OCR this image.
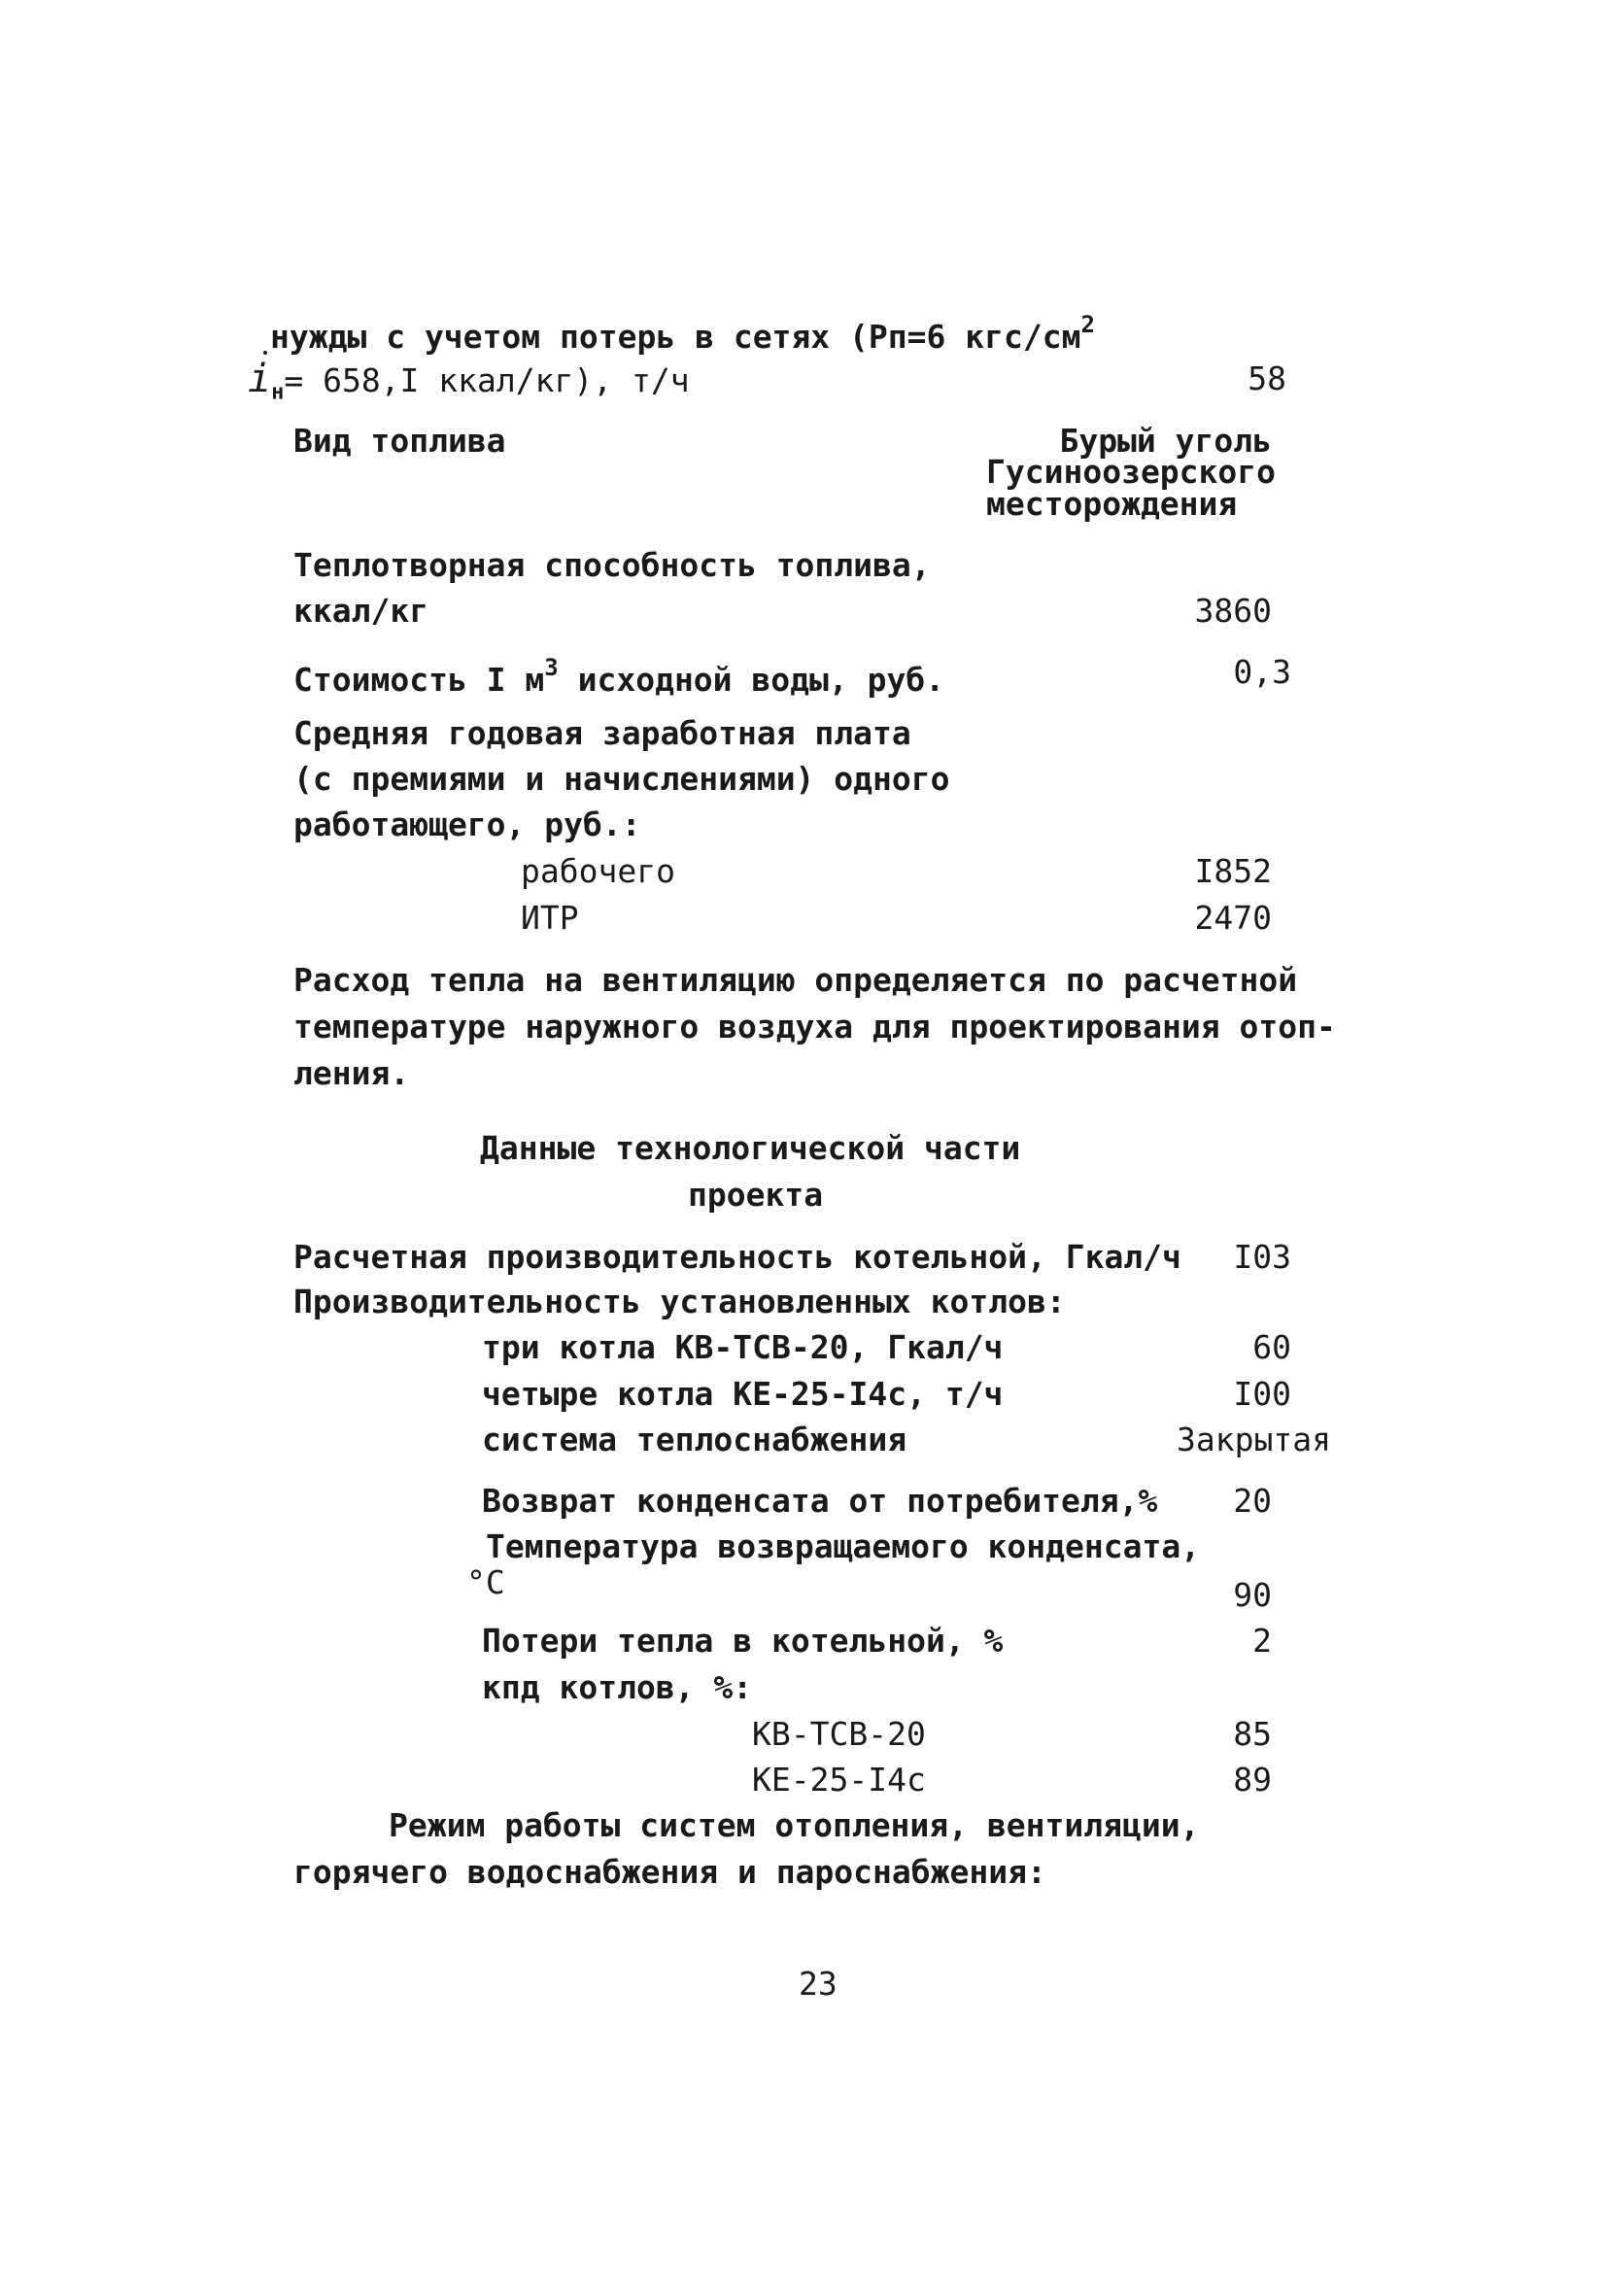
нужды с учетом потерь в сетях (Pп=6 кгс/$см^2$
$i_н= 658,I$ ккал/кг), т/ч	58
Вид топлива	Бурый уголь
Гусиноозерского
месторождения
Теплотворная способность топлива,
ккал/кг	3860
Стоимость I $м^3$ исходной воды, руб.	0,3
Средняя годовая заработная плата
(с премиями и начислениями) одного
работающего, руб.:
рабочего	I852
ИТР	2470
Расход тепла на вентиляцию определяется по расчетной
температуре наружного воздуха для проектирования отоп-
ления.
Данные технологической части
проекта
Расчетная производительность котельной, Гкал/ч I03
Производительность установленных котлов:
три котла КВ-ТСВ-20, Гкал/ч	60
четыре котла КЕ-25-I4с, т/ч	I00
система теплоснабжения	Закрытая
Возврат конденсата от потребителя,% 20
Температура возвращаемого конденсата,
°C	90
Потери тепла в котельной, %	2
кпд котлов, %:
КВ-ТСВ-20	85
КЕ-25-I4с	89
Режим работы систем отопления, вентиляции,
горячего водоснабжения и пароснабжения:
23
